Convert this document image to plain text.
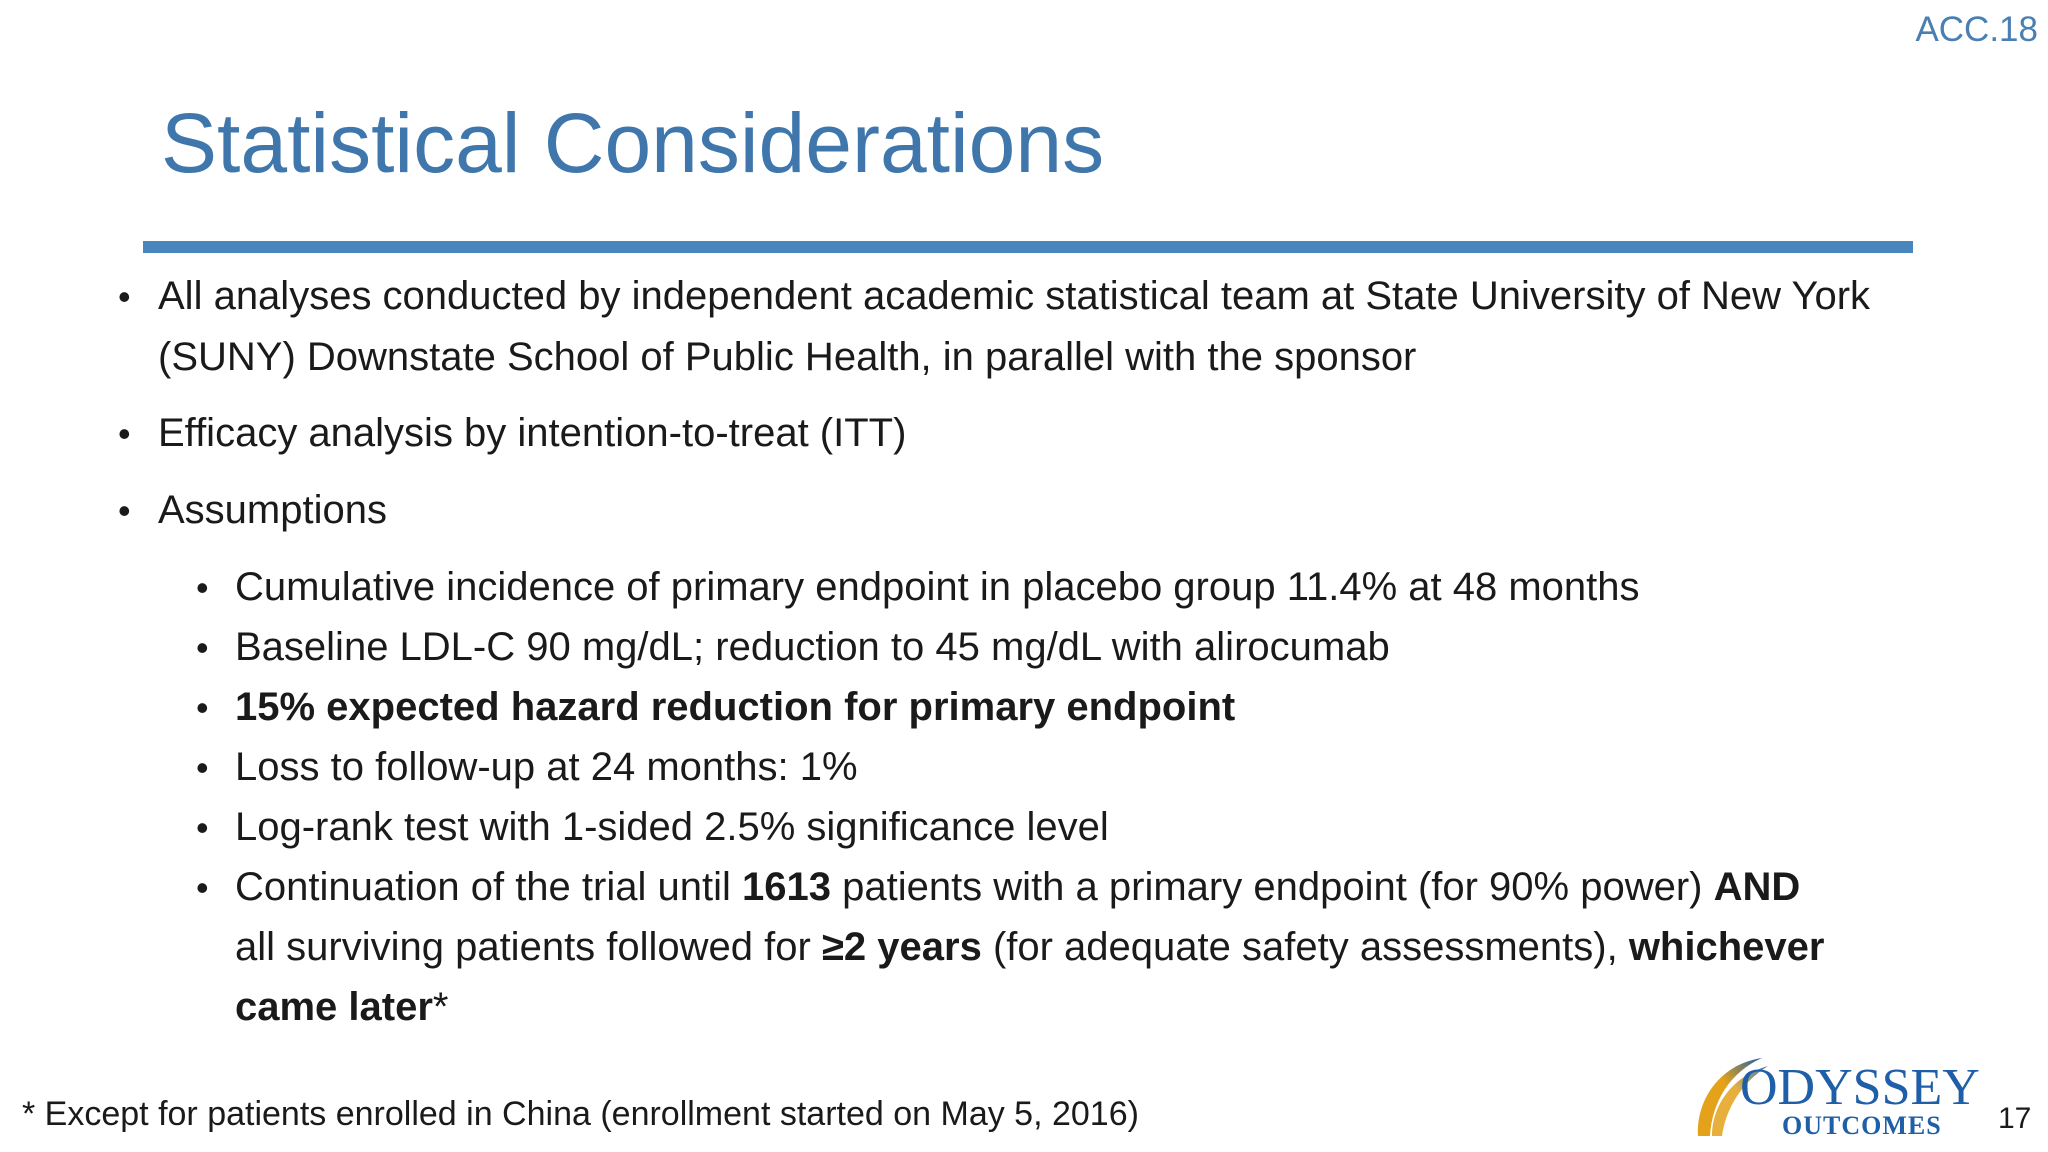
ACC.18
Statistical Considerations
• All analyses conducted by independent academic statistical team at State University of New York
(SUNY) Downstate School of Public Health, in parallel with the sponsor
• Efficacy analysis by intention-to-treat (ITT)
• Assumptions
• Cumulative incidence of primary endpoint in placebo group 11.4% at 48 months
• Baseline LDL-C 90 mg/dL; reduction to 45 mg/dL with alirocumab
• 15% expected hazard reduction for primary endpoint
• Loss to follow-up at 24 months: 1%
• Log-rank test with 1-sided 2.5% significance level
• Continuation of the trial until 1613 patients with a primary endpoint (for 90% power) AND
all surviving patients followed for ≥2 years (for adequate safety assessments), whichever
came later*
* Except for patients enrolled in China (enrollment started on May 5, 2016)	ODYSSEY
OUTCOMES 17
